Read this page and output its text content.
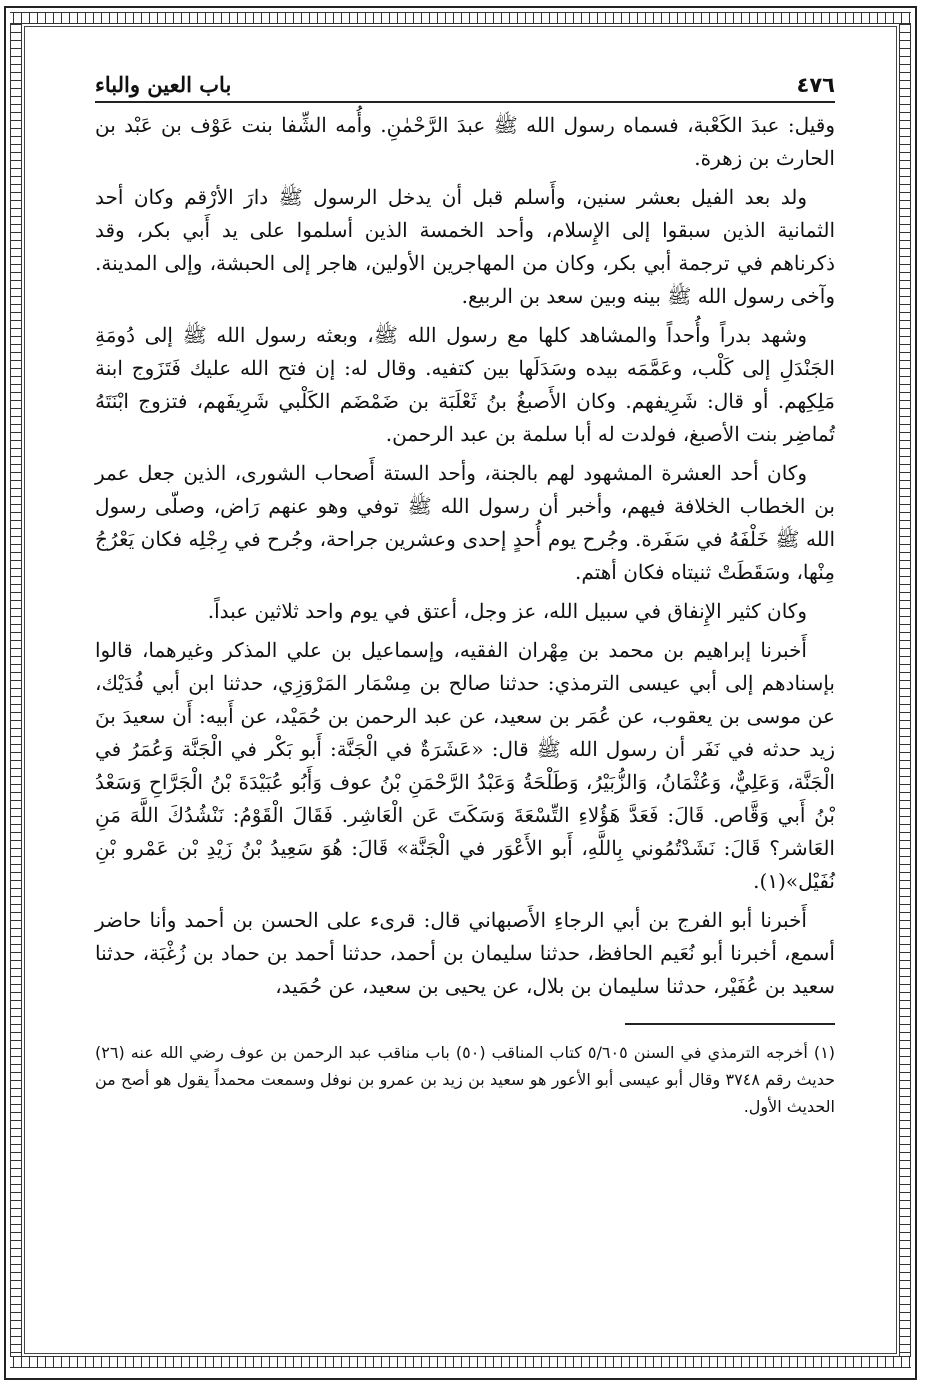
٤٧٦
باب العين والباء

وقيل: عبدَ الكَعْبة، فسماه رسول الله ﷺ عبدَ الرَّحْمٰنِ. وأُمه الشِّفا بنت عَوْف بن عَبْد بن الحارث بن زهرة.

ولد بعد الفيل بعشر سنين، وأَسلم قبل أن يدخل الرسول ﷺ دارَ الأرْقم وكان أحد الثمانية الذين سبقوا إلى الإِسلام، وأحد الخمسة الذين أسلموا على يد أَبي بكر، وقد ذكرناهم في ترجمة أبي بكر، وكان من المهاجرين الأولين، هاجر إلى الحبشة، وإلى المدينة. وآخى رسول الله ﷺ بينه وبين سعد بن الربيع.

وشهد بدراً وأُحداً والمشاهد كلها مع رسول الله ﷺ، وبعثه رسول الله ﷺ إلى دُومَةِ الجَنْدَلِ إلى كَلْب، وعَمَّمَه بيده وسَدَلَها بين كتفيه. وقال له: إن فتح الله عليك فَتَزَوج ابنة مَلِكِهم. أو قال: شَرِيفهم. وكان الأَصبغُ بنُ ثَعْلَبَة بن ضَمْضَم الكَلْبي شَرِيفَهم، فتزوج ابْنَتَهُ تُماضِر بنت الأصبغ، فولدت له أبا سلمة بن عبد الرحمن.

وكان أحد العشرة المشهود لهم بالجنة، وأحد الستة أَصحاب الشورى، الذين جعل عمر بن الخطاب الخلافة فيهم، وأخبر أن رسول الله ﷺ توفي وهو عنهم رَاض، وصلّى رسول الله ﷺ خَلْفَهُ في سَفَرة. وجُرح يوم أُحدٍ إحدى وعشرين جراحة، وجُرح في رِجْلِه فكان يَعْرُجُ مِنْها، وسَقَطَتْ ثنيتاه فكان أهتم.

وكان كثير الإِنفاق في سبيل الله، عز وجل، أعتق في يوم واحد ثلاثين عبداً.

أَخبرنا إبراهيم بن محمد بن مِهْران الفقيه، وإسماعيل بن علي المذكر وغيرهما، قالوا بإسنادهم إلى أبي عيسى الترمذي: حدثنا صالح بن مِسْمَار المَرْوَزِي، حدثنا ابن أبي فُدَيْك، عن موسى بن يعقوب، عن عُمَر بن سعيد، عن عبد الرحمن بن حُمَيْد، عن أَبيه: أَن سعيدَ بنَ زيد حدثه في نَفَر أن رسول الله ﷺ قال: «عَشَرَةٌ في الْجَنَّة: أَبو بَكْر في الْجَنَّة وَعُمَرُ في الْجَنَّة، وَعَلِيٌّ، وَعُثْمَانُ، وَالزُّبَيْرُ، وَطَلْحَةُ وَعَبْدُ الرَّحْمَنِ بْنُ عوف وَأَبُو عُبَيْدَةَ بْنُ الْجَرَّاحِ وَسَعْدُ بْنُ أَبي وَقَّاص. قَالَ: فَعَدَّ هَؤُلاءِ التِّسْعَةَ وَسَكَتَ عَن الْعَاشِر. فَقَالَ الْقَوْمُ: نَنْشُدُكَ اللَّهَ مَنِ العَاشر؟ قَالَ: نَشَدْتُمُوني بِاللَّهِ، أَبو الأَعْوَر في الْجَنَّة» قَالَ: هُوَ سَعِيدُ بْنُ زَيْدِ بْن عَمْرو بْنِ نُفَيْل»(١).

أَخبرنا أبو الفرج بن أبي الرجاءِ الأَصبهاني قال: قرىء على الحسن بن أحمد وأنا حاضر أسمع، أخبرنا أبو نُعَيم الحافظ، حدثنا سليمان بن أحمد، حدثنا أحمد بن حماد بن زُغْبَة، حدثنا سعيد بن عُفَيْر، حدثنا سليمان بن بلال، عن يحيى بن سعيد، عن حُمَيد،

(١) أخرجه الترمذي في السنن ٥/٦٠٥ كتاب المناقب (٥٠) باب مناقب عبد الرحمن بن عوف رضي الله عنه (٢٦) حديث رقم ٣٧٤٨ وقال أبو عيسى أبو الأعور هو سعيد بن زيد بن عمرو بن نوفل وسمعت محمداً يقول هو أصح من الحديث الأول.
